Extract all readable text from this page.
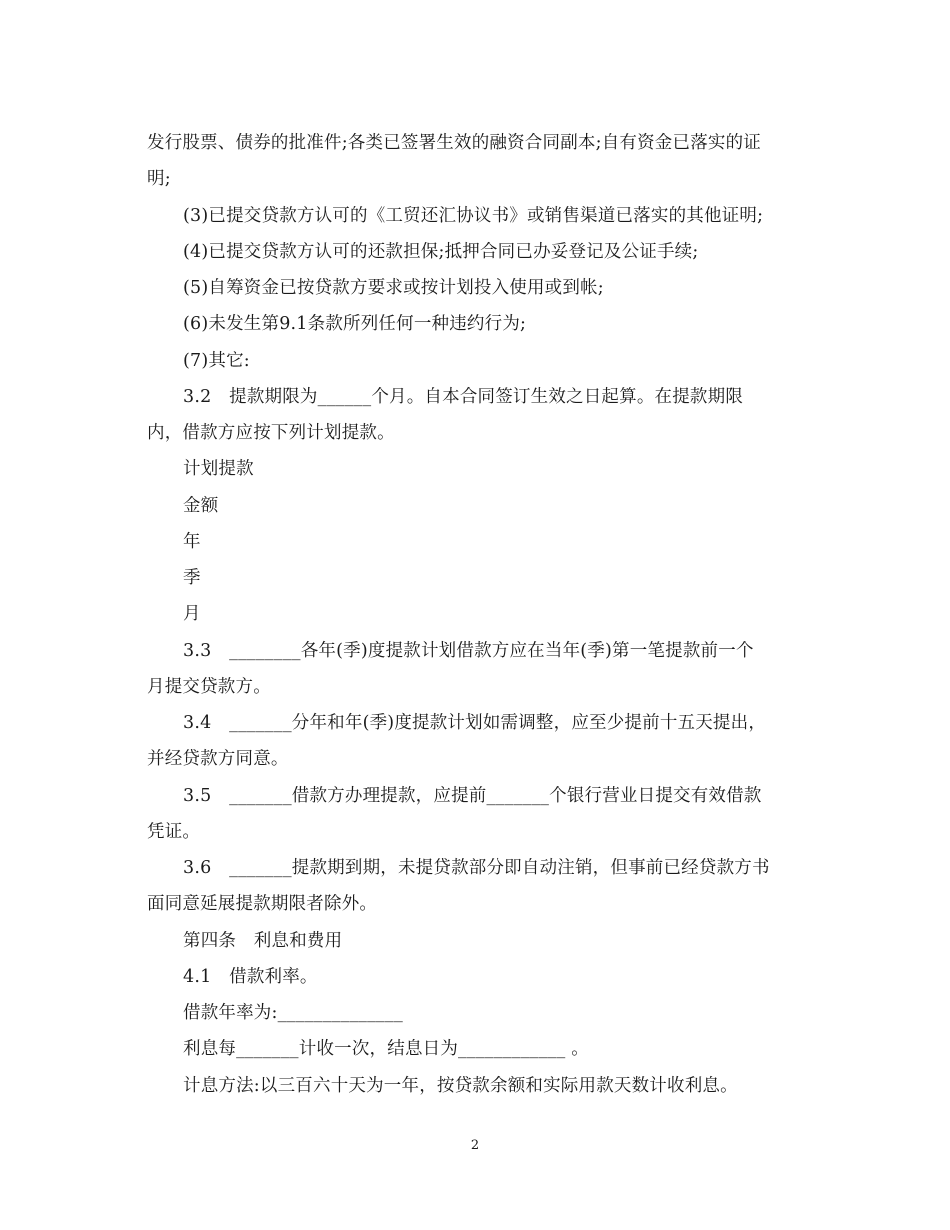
发行股票、债券的批准件;各类已签署生效的融资合同副本;自有资金已落实的证
明;
(3)已提交贷款方认可的《工贸还汇协议书》或销售渠道已落实的其他证明;
(4)已提交贷款方认可的还款担保;抵押合同已办妥登记及公证手续;
(5)自筹资金已按贷款方要求或按计划投入使用或到帐;
(6)未发生第9.1条款所列任何一种违约行为;
(7)其它:
3.2　提款期限为______个月。自本合同签订生效之日起算。在提款期限
内，借款方应按下列计划提款。
计划提款
金额
年
季
月
3.3　________各年(季)度提款计划借款方应在当年(季)第一笔提款前一个
月提交贷款方。
3.4　_______分年和年(季)度提款计划如需调整，应至少提前十五天提出，
并经贷款方同意。
3.5　_______借款方办理提款，应提前_______个银行营业日提交有效借款
凭证。
3.6　_______提款期到期，未提贷款部分即自动注销，但事前已经贷款方书
面同意延展提款期限者除外。
第四条　利息和费用
4.1　借款利率。
借款年率为:______________
利息每_______计收一次，结息日为____________ 。
计息方法:以三百六十天为一年，按贷款余额和实际用款天数计收利息。
2
